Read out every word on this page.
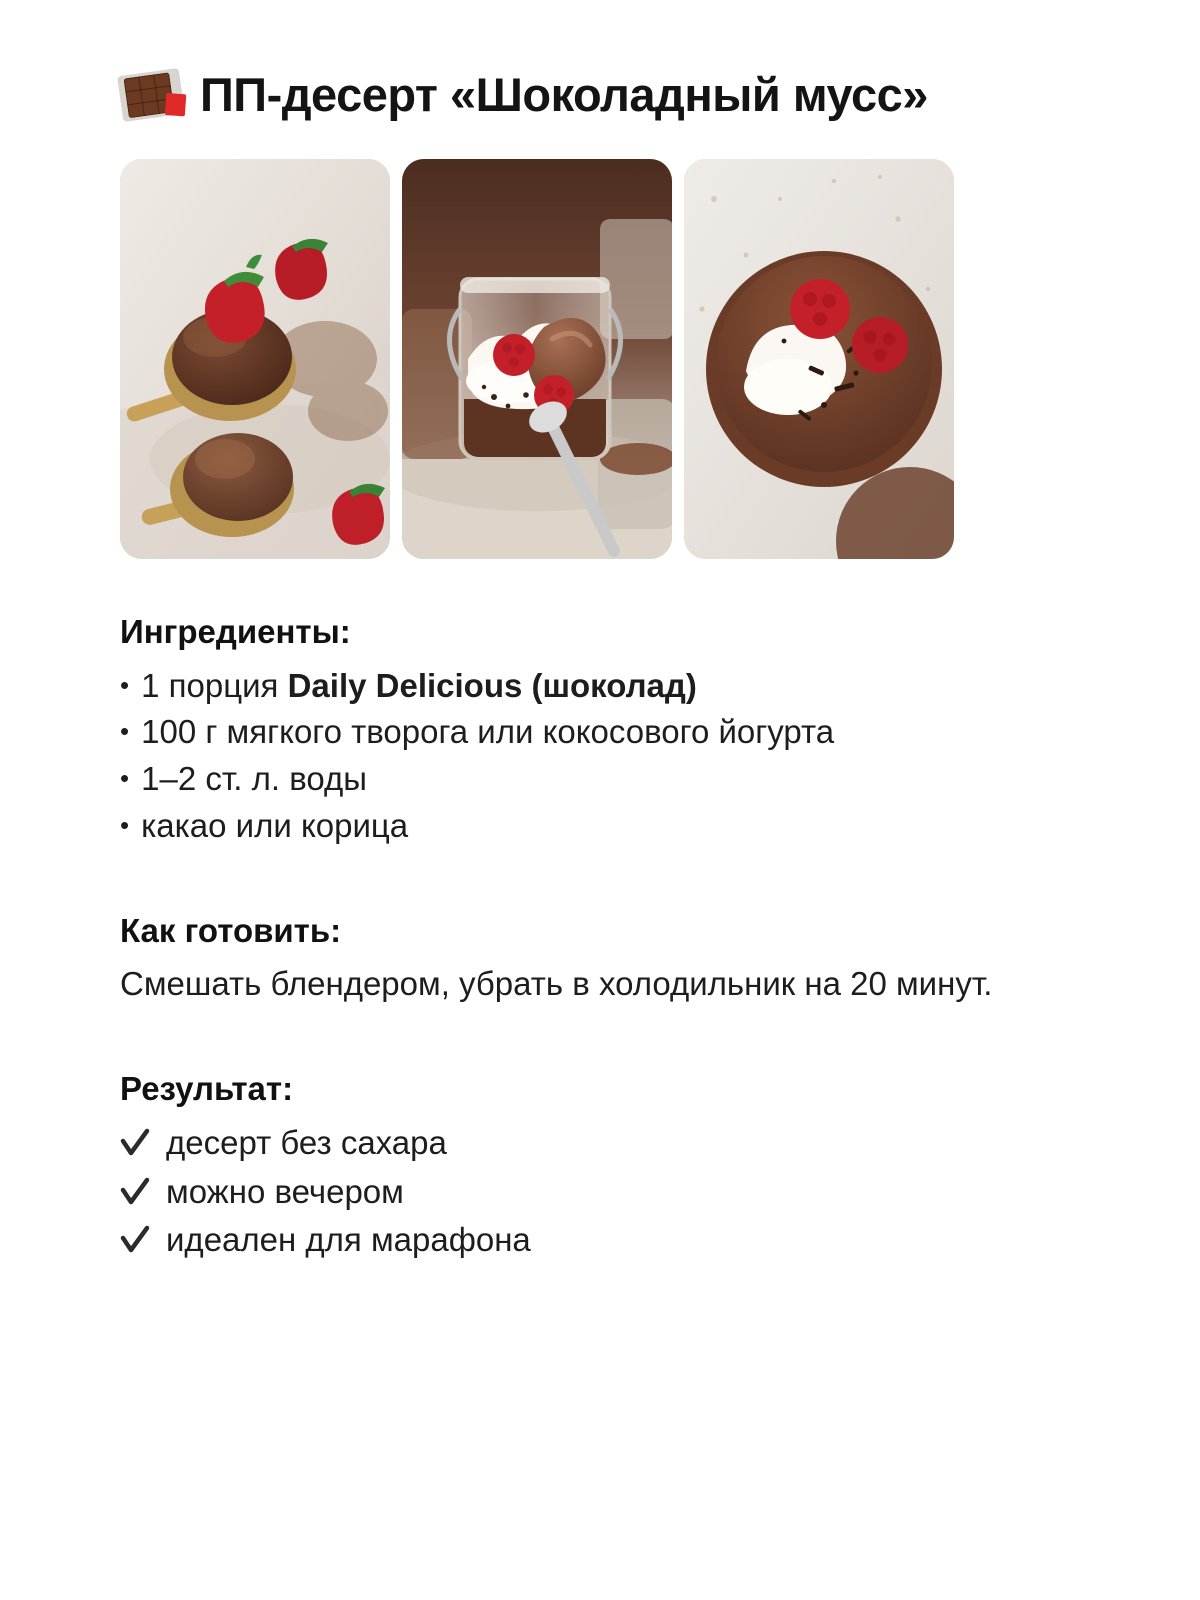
ПП-десерт «Шоколадный мусс»
Ингредиенты:
• 1 порция Daily Delicious (шоколад)
• 100 г мягкого творога или кокосового йогурта
• 1–2 ст. л. воды
• какао или корица
Как готовить:

Смешать блендером, убрать в холодильник на 20 минут.

Результат:
десерт без сахара
можно вечером
идеален для марафона
